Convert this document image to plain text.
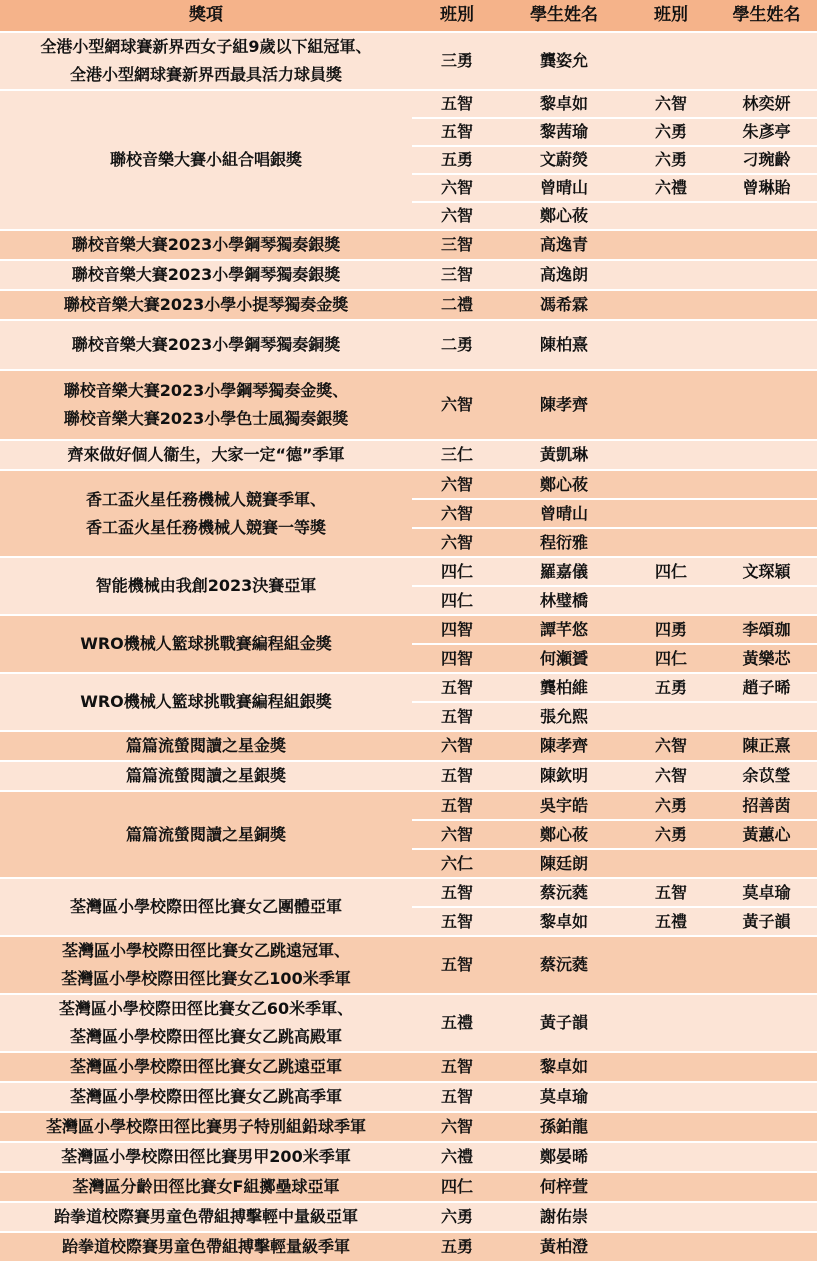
獎項	班別	學生姓名	班別	學生姓名

全港小型網球賽新界西女子組9歲以下組冠軍、
全港小型網球賽新界西最具活力球員獎	三勇	龔姿允		

聯校音樂大賽小組合唱銀獎	五智	黎卓如	六智	林奕妍
	五智	黎茜瑜	六勇	朱彥亭
	五勇	文蔚熒	六勇	刁琬齡
	六智	曾晴山	六禮	曾琳貽
	六智	鄭心莜		

聯校音樂大賽2023小學鋼琴獨奏銀獎	三智	高逸青		

聯校音樂大賽2023小學鋼琴獨奏銀獎	三智	高逸朗		

聯校音樂大賽2023小學小提琴獨奏金獎	二禮	馮希霖		

聯校音樂大賽2023小學鋼琴獨奏銅獎	二勇	陳柏熹		

聯校音樂大賽2023小學鋼琴獨奏金獎、
聯校音樂大賽2023小學色士風獨奏銀獎	六智	陳孝齊		

齊來做好個人衞生，大家一定“德”季軍	三仁	黃凱琳		

香工盃火星任務機械人競賽季軍、
香工盃火星任務機械人競賽一等獎	六智	鄭心莜		
	六智	曾晴山		
	六智	程衍雅		

智能機械由我創2023決賽亞軍	四仁	羅嘉儀	四仁	文琛穎
	四仁	林璧橋		

WRO機械人籃球挑戰賽編程組金獎	四智	譚芊悠	四勇	李頌珈
	四智	何瀬贇	四仁	黃樂芯

WRO機械人籃球挑戰賽編程組銀獎	五智	龔柏維	五勇	趙子晞
	五智	張允熙		

篇篇流螢閱讀之星金獎	六智	陳孝齊	六智	陳正熹

篇篇流螢閱讀之星銀獎	五智	陳欽明	六智	余苡瑩

篇篇流螢閱讀之星銅獎	五智	吳宇皓	六勇	招善茵
	六智	鄭心莜	六勇	黃蕙心
	六仁	陳廷朗		

荃灣區小學校際田徑比賽女乙團體亞軍	五智	蔡沅蕤	五智	莫卓瑜
	五智	黎卓如	五禮	黃子韻

荃灣區小學校際田徑比賽女乙跳遠冠軍、
荃灣區小學校際田徑比賽女乙100米季軍	五智	蔡沅蕤		

荃灣區小學校際田徑比賽女乙60米季軍、
荃灣區小學校際田徑比賽女乙跳高殿軍	五禮	黃子韻		

荃灣區小學校際田徑比賽女乙跳遠亞軍	五智	黎卓如		

荃灣區小學校際田徑比賽女乙跳高季軍	五智	莫卓瑜		

荃灣區小學校際田徑比賽男子特別組鉛球季軍	六智	孫鉑龍		

荃灣區小學校際田徑比賽男甲200米季軍	六禮	鄭晏晞		

荃灣區分齡田徑比賽女F組擲壘球亞軍	四仁	何梓萱		

跆拳道校際賽男童色帶組搏擊輕中量級亞軍	六勇	謝佑崇		

跆拳道校際賽男童色帶組搏擊輕量級季軍	五勇	黃柏澄		
